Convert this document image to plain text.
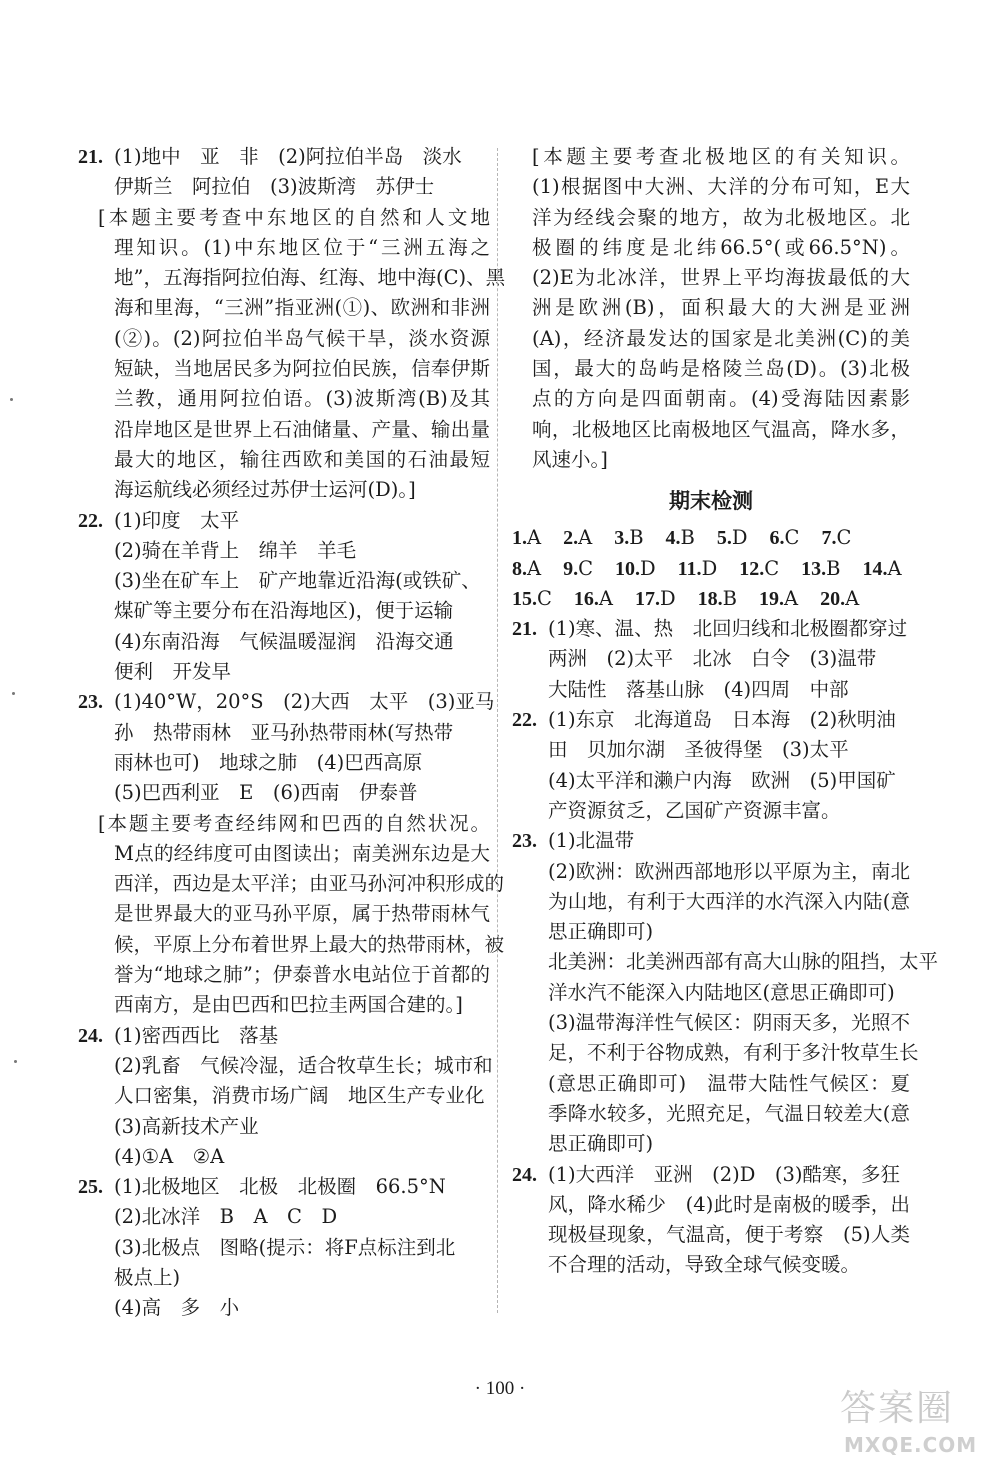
21. (1)地中　亚　非　(2)阿拉伯半岛　淡水
伊斯兰　阿拉伯　(3)波斯湾　苏伊士
[本题主要考查中东地区的自然和人文地
理知识。(1)中东地区位于“三洲五海之
地”，五海指阿拉伯海、红海、地中海(C)、黑
海和里海，“三洲”指亚洲(①)、欧洲和非洲
(②)。(2)阿拉伯半岛气候干旱，淡水资源
短缺，当地居民多为阿拉伯民族，信奉伊斯
兰教，通用阿拉伯语。(3)波斯湾(B)及其
沿岸地区是世界上石油储量、产量、输出量
最大的地区，输往西欧和美国的石油最短
海运航线必须经过苏伊士运河(D)。]
22. (1)印度　太平
(2)骑在羊背上　绵羊　羊毛
(3)坐在矿车上　矿产地靠近沿海(或铁矿、
煤矿等主要分布在沿海地区)，便于运输
(4)东南沿海　气候温暖湿润　沿海交通
便利　开发早
23. (1)40°W，20°S　(2)大西　太平　(3)亚马
孙　热带雨林　亚马孙热带雨林(写热带
雨林也可)　地球之肺　(4)巴西高原
(5)巴西利亚　E　(6)西南　伊泰普
[本题主要考查经纬网和巴西的自然状况。
M点的经纬度可由图读出；南美洲东边是大
西洋，西边是太平洋；由亚马孙河冲积形成的
是世界最大的亚马孙平原，属于热带雨林气
候，平原上分布着世界上最大的热带雨林，被
誉为“地球之肺”；伊泰普水电站位于首都的
西南方，是由巴西和巴拉圭两国合建的。]
24. (1)密西西比　落基
(2)乳畜　气候冷湿，适合牧草生长；城市和
人口密集，消费市场广阔　地区生产专业化
(3)高新技术产业
(4)①A　②A
25. (1)北极地区　北极　北极圈　66.5°N
(2)北冰洋　B　A　C　D
(3)北极点　图略(提示：将F点标注到北
极点上)
(4)高　多　小
[本题主要考查北极地区的有关知识。
(1)根据图中大洲、大洋的分布可知，E大
洋为经线会聚的地方，故为北极地区。北
极圈的纬度是北纬66.5°(或66.5°N)。
(2)E为北冰洋，世界上平均海拔最低的大
洲是欧洲(B)，面积最大的大洲是亚洲
(A)，经济最发达的国家是北美洲(C)的美
国，最大的岛屿是格陵兰岛(D)。(3)北极
点的方向是四面朝南。(4)受海陆因素影
响，北极地区比南极地区气温高，降水多，
风速小。]
期末检测
1.A 2.A 3.B 4.B 5.D 6.C 7.C
8.A 9.C 10.D 11.D 12.C 13.B 14.A
15.C 16.A 17.D 18.B 19.A 20.A
21. (1)寒、温、热　北回归线和北极圈都穿过
两洲　(2)太平　北冰　白令　(3)温带
大陆性　落基山脉　(4)四周　中部
22. (1)东京　北海道岛　日本海　(2)秋明油
田　贝加尔湖　圣彼得堡　(3)太平
(4)太平洋和濑户内海　欧洲　(5)甲国矿
产资源贫乏，乙国矿产资源丰富。
23. (1)北温带
(2)欧洲：欧洲西部地形以平原为主，南北
为山地，有利于大西洋的水汽深入内陆(意
思正确即可)
北美洲：北美洲西部有高大山脉的阻挡，太平
洋水汽不能深入内陆地区(意思正确即可)
(3)温带海洋性气候区：阴雨天多，光照不
足，不利于谷物成熟，有利于多汁牧草生长
(意思正确即可)　温带大陆性气候区：夏
季降水较多，光照充足，气温日较差大(意
思正确即可)
24. (1)大西洋　亚洲　(2)D　(3)酷寒，多狂
风，降水稀少　(4)此时是南极的暖季，出
现极昼现象，气温高，便于考察　(5)人类
不合理的活动，导致全球气候变暖。
· 100 ·	答案圈
MXQE.COM
